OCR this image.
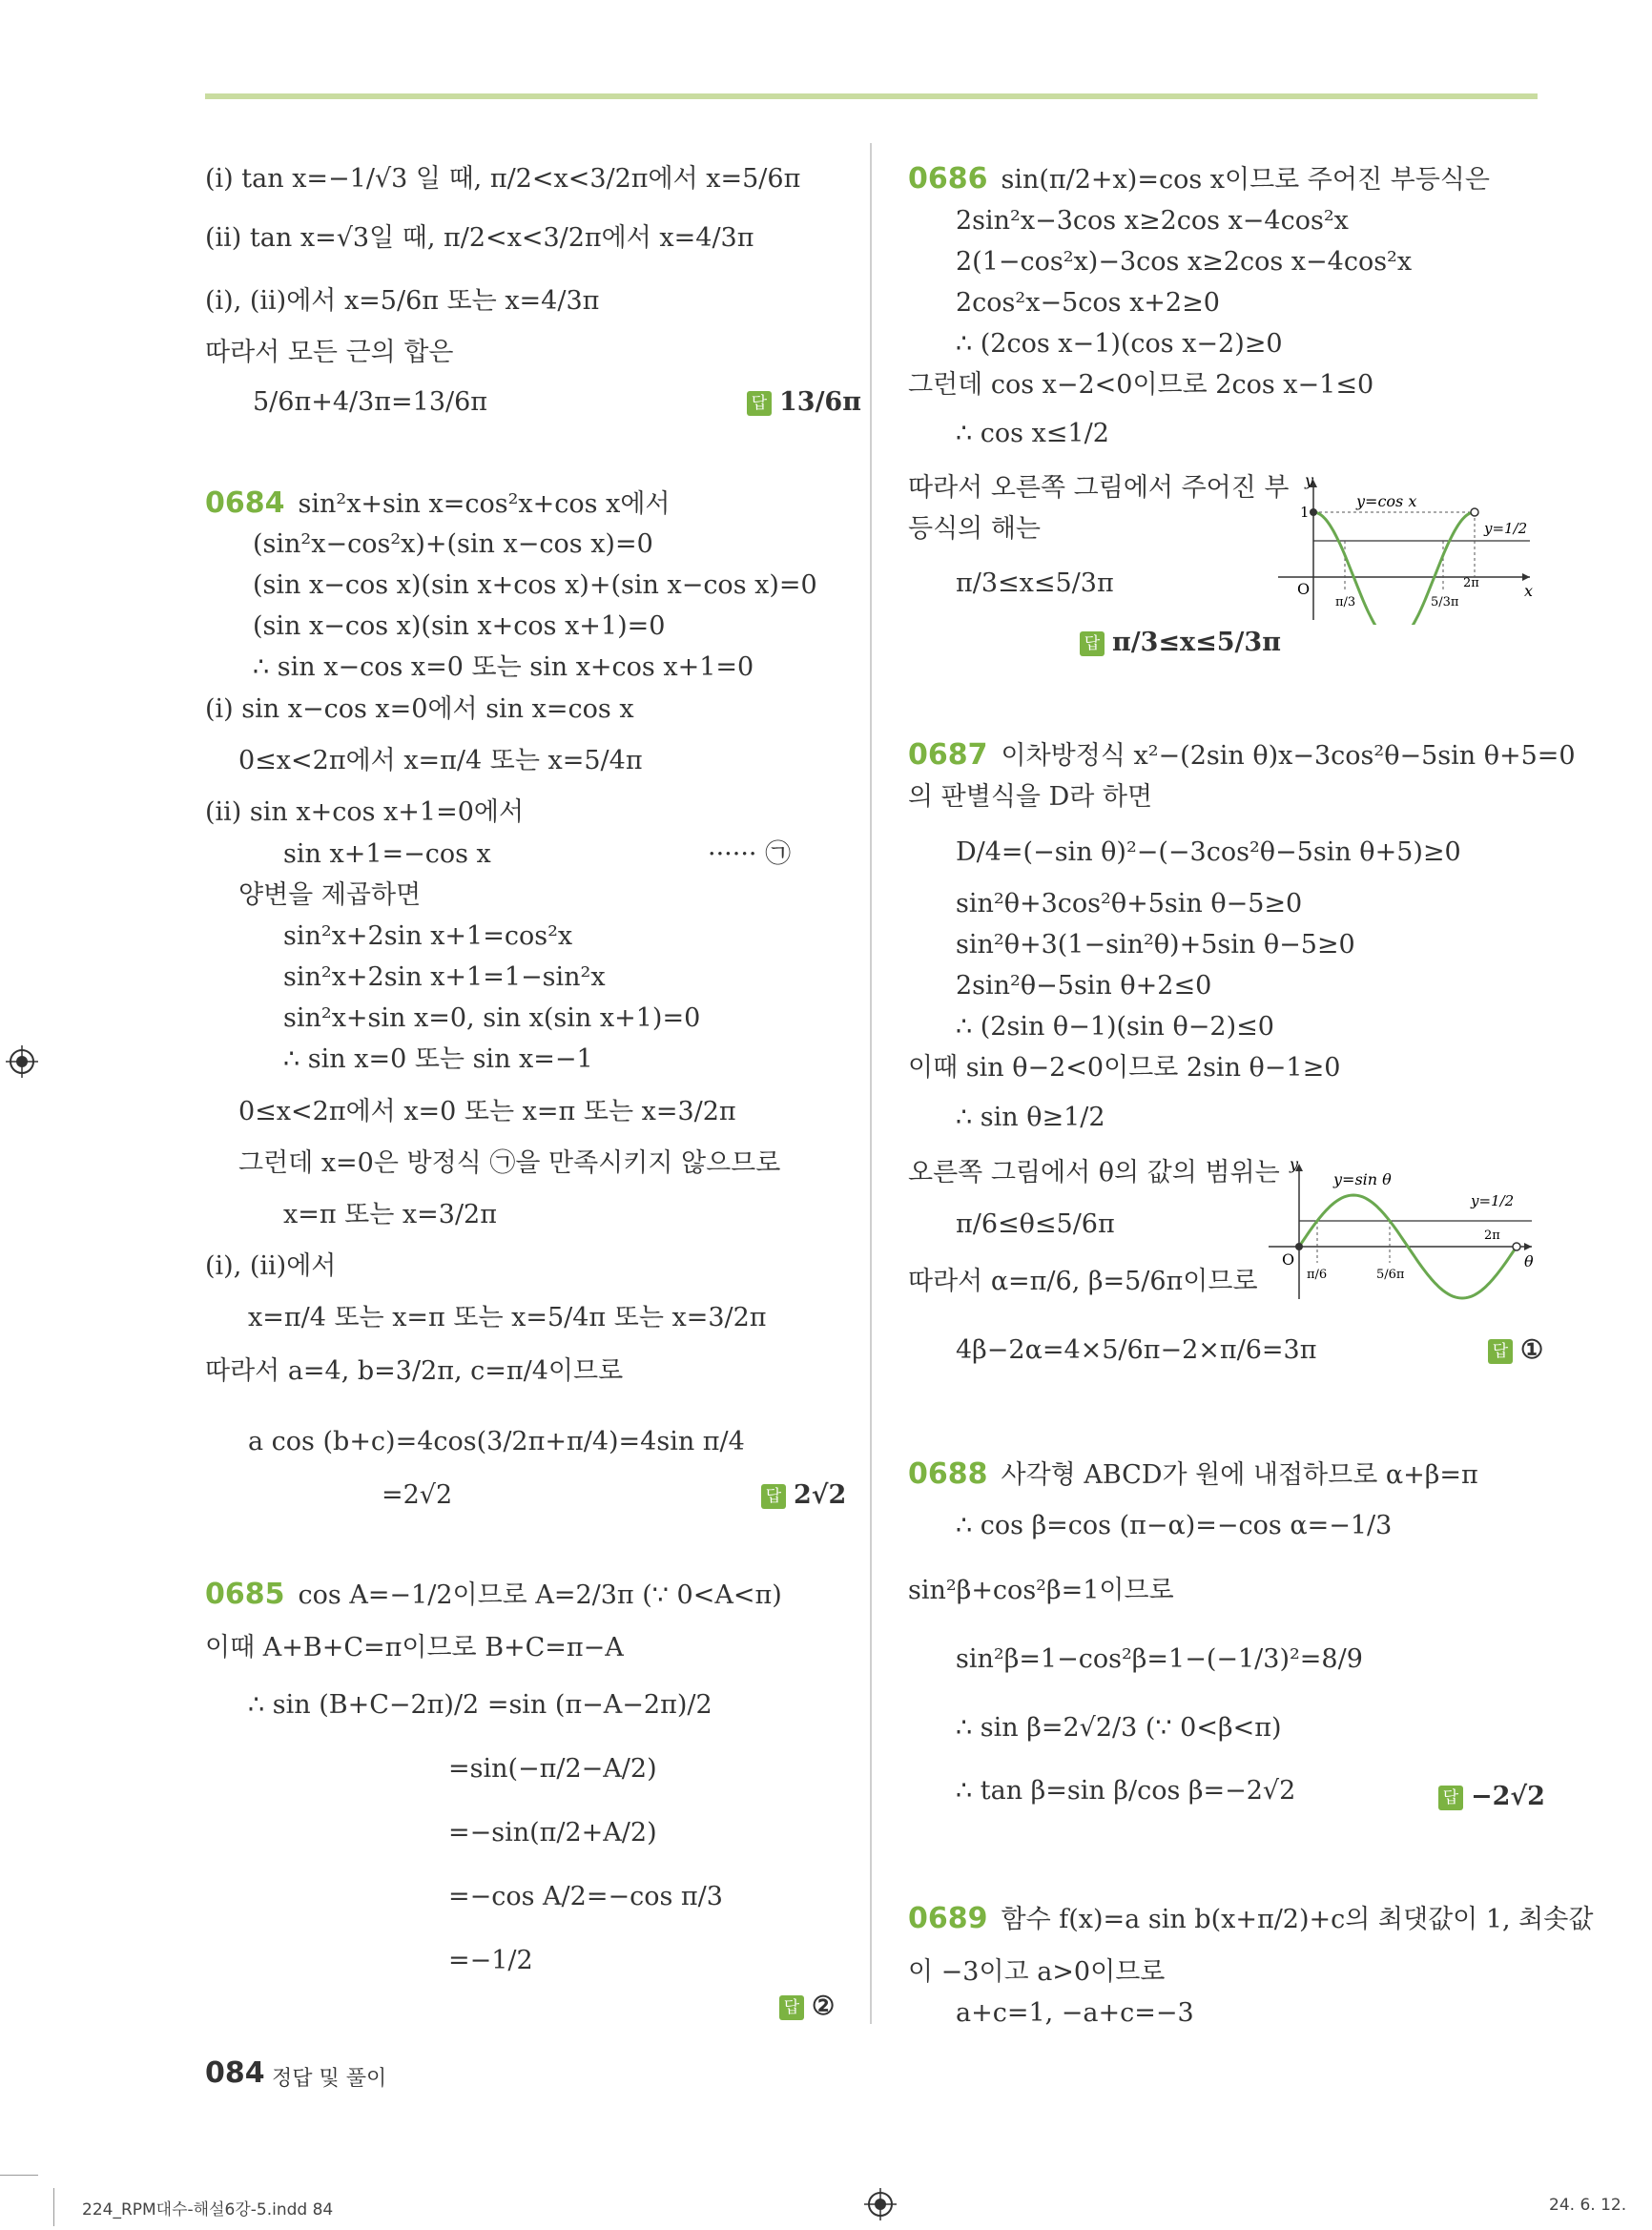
(ⅰ) tan x=−1/√3 일 때, π/2<x<3/2π에서 x=5/6π
(ⅱ) tan x=√3일 때, π/2<x<3/2π에서 x=4/3π
(ⅰ), (ⅱ)에서 x=5/6π 또는 x=4/3π
따라서 모든 근의 합은
5/6π+4/3π=13/6π	답 13/6π
0684 sin²x+sin x=cos²x+cos x에서
(sin²x−cos²x)+(sin x−cos x)=0
(sin x−cos x)(sin x+cos x)+(sin x−cos x)=0
(sin x−cos x)(sin x+cos x+1)=0
∴ sin x−cos x=0 또는 sin x+cos x+1=0
(ⅰ) sin x−cos x=0에서 sin x=cos x
0≤x<2π에서 x=π/4 또는 x=5/4π
(ⅱ) sin x+cos x+1=0에서
sin x+1=−cos x	······ ㉠
양변을 제곱하면
sin²x+2sin x+1=cos²x
sin²x+2sin x+1=1−sin²x
sin²x+sin x=0, sin x(sin x+1)=0
∴ sin x=0 또는 sin x=−1
0≤x<2π에서 x=0 또는 x=π 또는 x=3/2π
그런데 x=0은 방정식 ㉠을 만족시키지 않으므로
x=π 또는 x=3/2π
(ⅰ), (ⅱ)에서
x=π/4 또는 x=π 또는 x=5/4π 또는 x=3/2π
따라서 a=4, b=3/2π, c=π/4이므로
a cos (b+c)=4cos(3/2π+π/4)=4sin π/4
=2√2	답 2√2
0685 cos A=−1/2이므로 A=2/3π (∵ 0<A<π)
이때 A+B+C=π이므로 B+C=π−A
∴ sin (B+C−2π)/2 =sin (π−A−2π)/2
=sin(−π/2−A/2)
=−sin(π/2+A/2)
=−cos A/2=−cos π/3
=−1/2
답 ②
0686 sin(π/2+x)=cos x이므로 주어진 부등식은
2sin²x−3cos x≥2cos x−4cos²x
2(1−cos²x)−3cos x≥2cos x−4cos²x
2cos²x−5cos x+2≥0
∴ (2cos x−1)(cos x−2)≥0
그런데 cos x−2<0이므로 2cos x−1≤0
∴ cos x≤1/2
따라서 오른쪽 그림에서 주어진 부
등식의 해는
π/3≤x≤5/3π
답 π/3≤x≤5/3π
0687 이차방정식 x²−(2sin θ)x−3cos²θ−5sin θ+5=0
의 판별식을 D라 하면
D/4=(−sin θ)²−(−3cos²θ−5sin θ+5)≥0
sin²θ+3cos²θ+5sin θ−5≥0
sin²θ+3(1−sin²θ)+5sin θ−5≥0
2sin²θ−5sin θ+2≤0
∴ (2sin θ−1)(sin θ−2)≤0
이때 sin θ−2<0이므로 2sin θ−1≥0
∴ sin θ≥1/2
오른쪽 그림에서 θ의 값의 범위는
π/6≤θ≤5/6π
따라서 α=π/6, β=5/6π이므로
4β−2α=4×5/6π−2×π/6=3π	답 ①
0688 사각형 ABCD가 원에 내접하므로 α+β=π
∴ cos β=cos (π−α)=−cos α=−1/3
sin²β+cos²β=1이므로
sin²β=1−cos²β=1−(−1/3)²=8/9
∴ sin β=2√2/3 (∵ 0<β<π)
∴ tan β=sin β/cos β=−2√2	답 −2√2
0689 함수 f(x)=a sin b(x+π/2)+c의 최댓값이 1, 최솟값
이 −3이고 a>0이므로
a+c=1, −a+c=−3
y
x
O
1
y=cos x
y=1/2
π/3	5/3π
2π
y
θ
O
y=sin θ
y=1/2
π/6	5/6π
2π
084 정답 및 풀이
224_RPM대수-해설6강-5.indd 84	24. 6. 12.
